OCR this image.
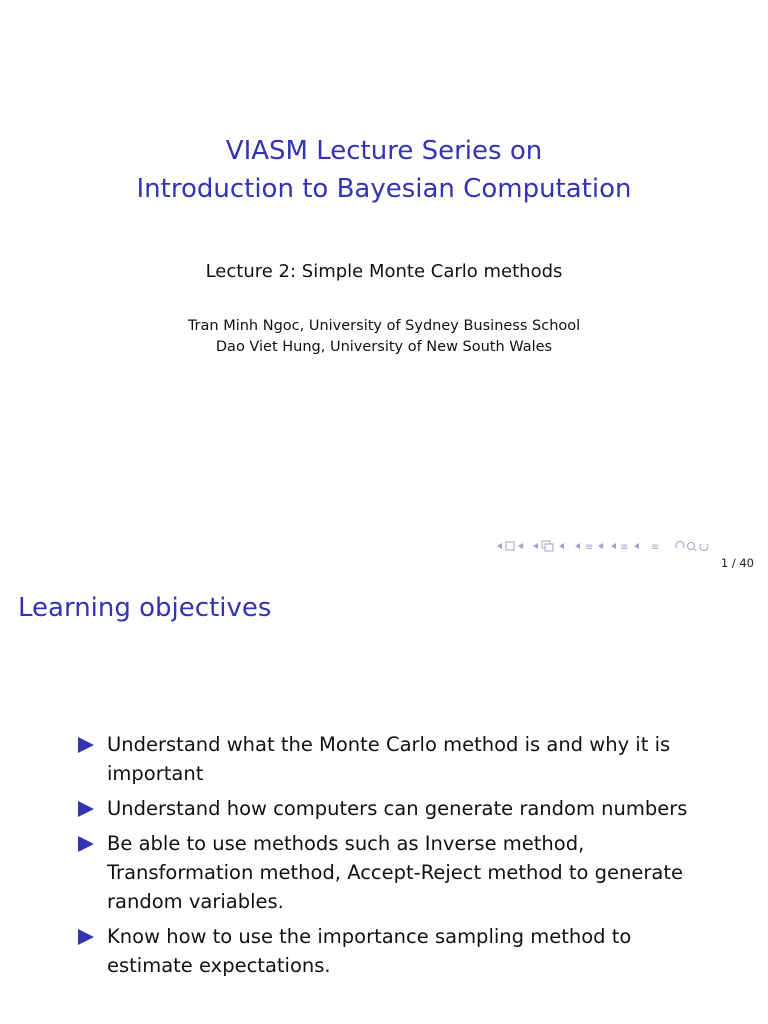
VIASM Lecture Series on
Introduction to Bayesian Computation
Lecture 2: Simple Monte Carlo methods
Tran Minh Ngoc, University of Sydney Business School
Dao Viet Hung, University of New South Wales
≡	≡ ≡
1 / 40
Learning objectives
Understand what the Monte Carlo method is and why it is important
Understand how computers can generate random numbers
Be able to use methods such as Inverse method, Transformation method, Accept-Reject method to generate random variables.
Know how to use the importance sampling method to estimate expectations.
